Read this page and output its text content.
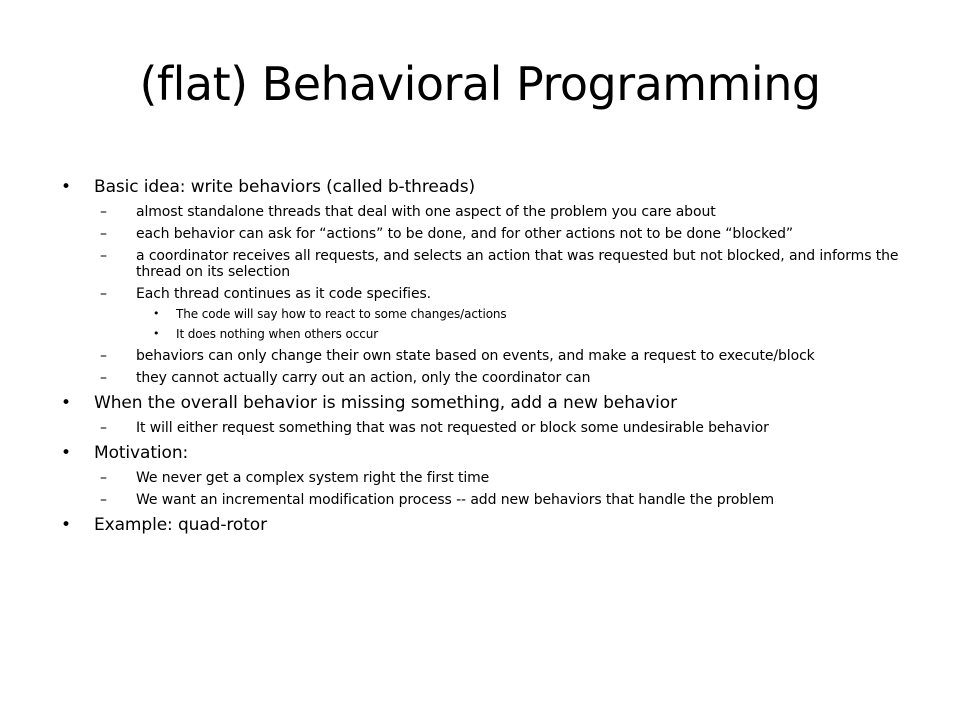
(flat) Behavioral Programming
• Basic idea: write behaviors (called b-threads)
– almost standalone threads that deal with one aspect of the problem you care about
– each behavior can ask for “actions” to be done, and for other actions not to be done “blocked”
– a coordinator receives all requests, and selects an action that was requested but not blocked, and informs the thread on its selection
– Each thread continues as it code specifies.
• The code will say how to react to some changes/actions
• It does nothing when others occur
– behaviors can only change their own state based on events, and make a request to execute/block
– they cannot actually carry out an action, only the coordinator can
• When the overall behavior is missing something, add a new behavior
– It will either request something that was not requested or block some undesirable behavior
• Motivation:
– We never get a complex system right the first time
– We want an incremental modification process -- add new behaviors that handle the problem
• Example: quad-rotor
